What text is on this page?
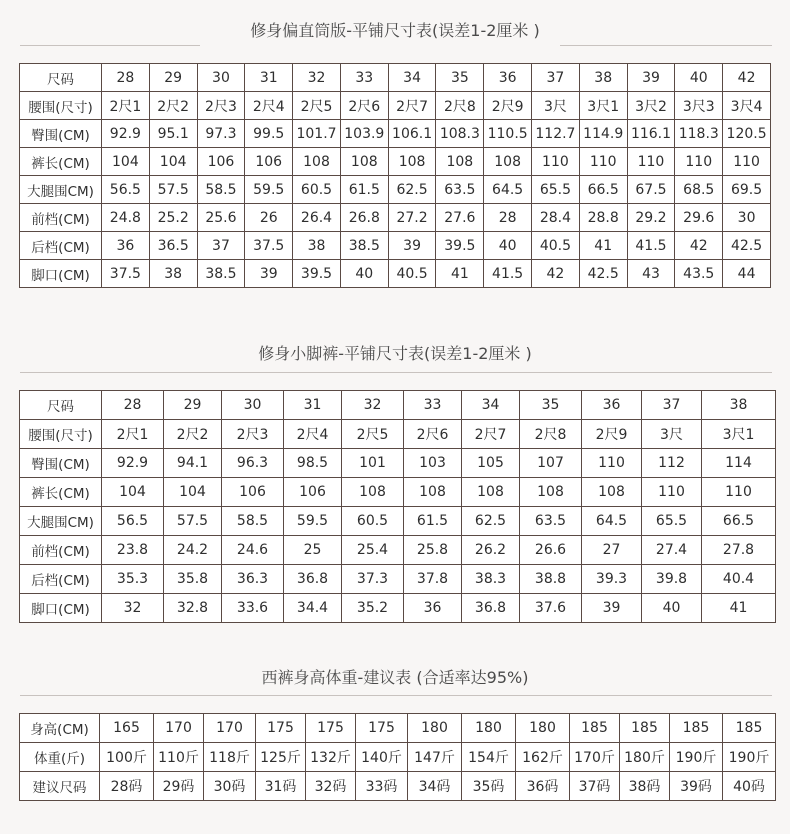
修身偏直筒版-平铺尺寸表(误差1-2厘米 )
尺码	28	29	30	31	32	33	34	35	36	37	38	39	40	42
腰围(尺寸)	2尺1	2尺2	2尺3	2尺4	2尺5	2尺6	2尺7	2尺8	2尺9	3尺	3尺1	3尺2	3尺3	3尺4
臀围(CM)	92.9	95.1	97.3	99.5	101.7	103.9	106.1	108.3	110.5	112.7	114.9	116.1	118.3	120.5
裤长(CM)	104	104	106	106	108	108	108	108	108	110	110	110	110	110
大腿围CM)	56.5	57.5	58.5	59.5	60.5	61.5	62.5	63.5	64.5	65.5	66.5	67.5	68.5	69.5
前档(CM)	24.8	25.2	25.6	26	26.4	26.8	27.2	27.6	28	28.4	28.8	29.2	29.6	30
后档(CM)	36	36.5	37	37.5	38	38.5	39	39.5	40	40.5	41	41.5	42	42.5
脚口(CM)	37.5	38	38.5	39	39.5	40	40.5	41	41.5	42	42.5	43	43.5	44
修身小脚裤-平铺尺寸表(误差1-2厘米 )
尺码	28	29	30	31	32	33	34	35	36	37	38
腰围(尺寸)	2尺1	2尺2	2尺3	2尺4	2尺5	2尺6	2尺7	2尺8	2尺9	3尺	3尺1
臀围(CM)	92.9	94.1	96.3	98.5	101	103	105	107	110	112	114
裤长(CM)	104	104	106	106	108	108	108	108	108	110	110
大腿围CM)	56.5	57.5	58.5	59.5	60.5	61.5	62.5	63.5	64.5	65.5	66.5
前档(CM)	23.8	24.2	24.6	25	25.4	25.8	26.2	26.6	27	27.4	27.8
后档(CM)	35.3	35.8	36.3	36.8	37.3	37.8	38.3	38.8	39.3	39.8	40.4
脚口(CM)	32	32.8	33.6	34.4	35.2	36	36.8	37.6	39	40	41
西裤身高体重-建议表 (合适率达95%)
身高(CM)	165	170	170	175	175	175	180	180	180	185	185	185	185
体重(斤)	100斤	110斤	118斤	125斤	132斤	140斤	147斤	154斤	162斤	170斤	180斤	190斤	190斤
建议尺码	28码	29码	30码	31码	32码	33码	34码	35码	36码	37码	38码	39码	40码
